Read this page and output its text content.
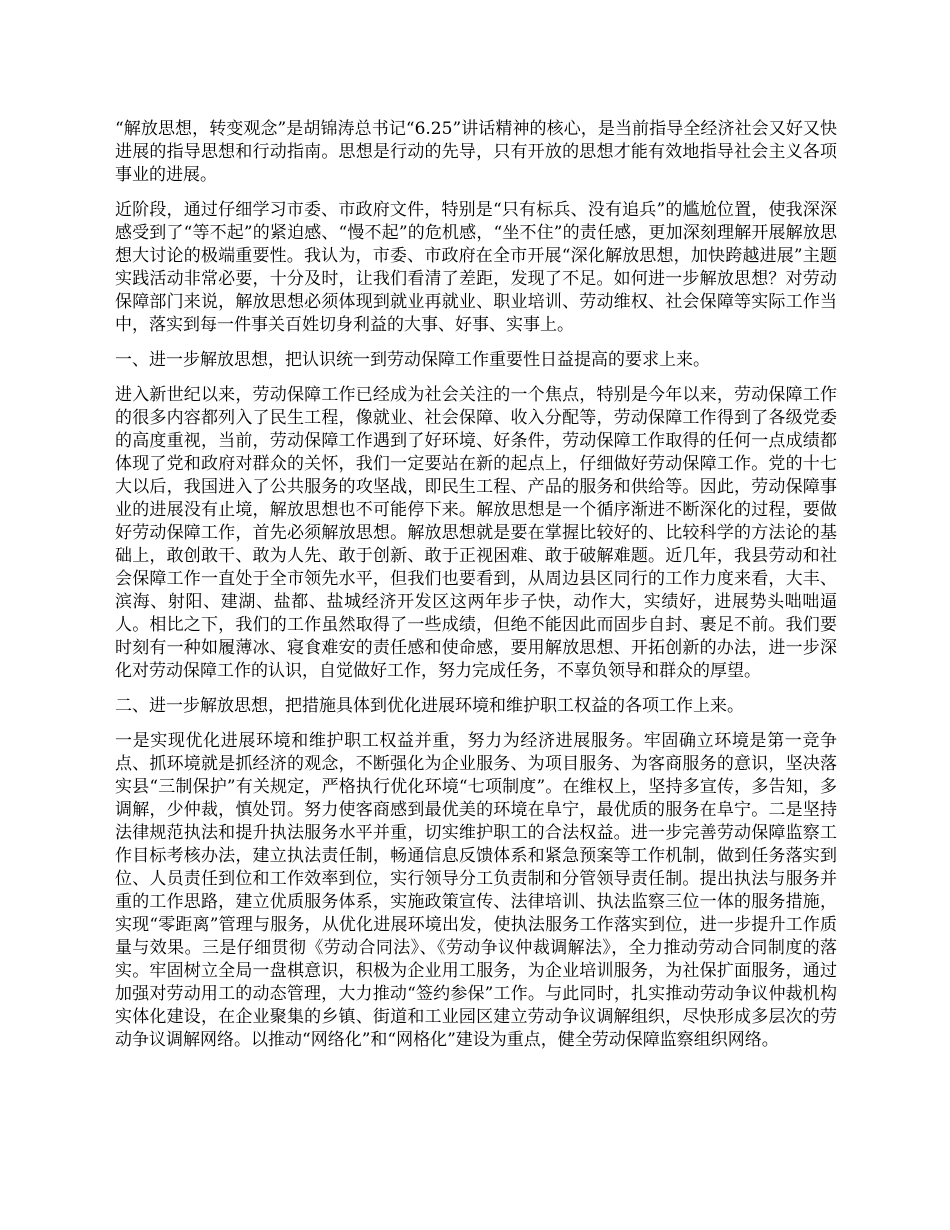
“解放思想，转变观念”是胡锦涛总书记“6.25”讲话精神的核心，是当前指导全经济社会又好又快进展的指导思想和行动指南。思想是行动的先导，只有开放的思想才能有效地指导社会主义各项事业的进展。

近阶段，通过仔细学习市委、市政府文件，特别是“只有标兵、没有追兵”的尴尬位置，使我深深感受到了“等不起”的紧迫感、“慢不起”的危机感，“坐不住”的责任感，更加深刻理解开展解放思想大讨论的极端重要性。我认为，市委、市政府在全市开展“深化解放思想，加快跨越进展”主题实践活动非常必要，十分及时，让我们看清了差距，发现了不足。如何进一步解放思想？对劳动保障部门来说，解放思想必须体现到就业再就业、职业培训、劳动维权、社会保障等实际工作当中，落实到每一件事关百姓切身利益的大事、好事、实事上。

一、进一步解放思想，把认识统一到劳动保障工作重要性日益提高的要求上来。

进入新世纪以来，劳动保障工作已经成为社会关注的一个焦点，特别是今年以来，劳动保障工作的很多内容都列入了民生工程，像就业、社会保障、收入分配等，劳动保障工作得到了各级党委的高度重视，当前，劳动保障工作遇到了好环境、好条件，劳动保障工作取得的任何一点成绩都体现了党和政府对群众的关怀，我们一定要站在新的起点上，仔细做好劳动保障工作。党的十七大以后，我国进入了公共服务的攻坚战，即民生工程、产品的服务和供给等。因此，劳动保障事业的进展没有止境，解放思想也不可能停下来。解放思想是一个循序渐进不断深化的过程，要做好劳动保障工作，首先必须解放思想。解放思想就是要在掌握比较好的、比较科学的方法论的基础上，敢创敢干、敢为人先、敢于创新、敢于正视困难、敢于破解难题。近几年，我县劳动和社会保障工作一直处于全市领先水平，但我们也要看到，从周边县区同行的工作力度来看，大丰、滨海、射阳、建湖、盐都、盐城经济开发区这两年步子快，动作大，实绩好，进展势头咄咄逼人。相比之下，我们的工作虽然取得了一些成绩，但绝不能因此而固步自封、裹足不前。我们要时刻有一种如履薄冰、寝食难安的责任感和使命感，要用解放思想、开拓创新的办法，进一步深化对劳动保障工作的认识，自觉做好工作，努力完成任务，不辜负领导和群众的厚望。

二、进一步解放思想，把措施具体到优化进展环境和维护职工权益的各项工作上来。

一是实现优化进展环境和维护职工权益并重，努力为经济进展服务。牢固确立环境是第一竞争点、抓环境就是抓经济的观念，不断强化为企业服务、为项目服务、为客商服务的意识，坚决落实县“三制保护”有关规定，严格执行优化环境“七项制度”。在维权上，坚持多宣传，多告知，多调解，少仲裁，慎处罚。努力使客商感到最优美的环境在阜宁，最优质的服务在阜宁。二是坚持法律规范执法和提升执法服务水平并重，切实维护职工的合法权益。进一步完善劳动保障监察工作目标考核办法，建立执法责任制，畅通信息反馈体系和紧急预案等工作机制，做到任务落实到位、人员责任到位和工作效率到位，实行领导分工负责制和分管领导责任制。提出执法与服务并重的工作思路，建立优质服务体系，实施政策宣传、法律培训、执法监察三位一体的服务措施，实现“零距离”管理与服务，从优化进展环境出发，使执法服务工作落实到位，进一步提升工作质量与效果。三是仔细贯彻《劳动合同法》、《劳动争议仲裁调解法》，全力推动劳动合同制度的落实。牢固树立全局一盘棋意识，积极为企业用工服务，为企业培训服务，为社保扩面服务，通过加强对劳动用工的动态管理，大力推动“签约参保”工作。与此同时，扎实推动劳动争议仲裁机构实体化建设，在企业聚集的乡镇、街道和工业园区建立劳动争议调解组织，尽快形成多层次的劳动争议调解网络。以推动“网络化”和“网格化”建设为重点，健全劳动保障监察组织网络。
